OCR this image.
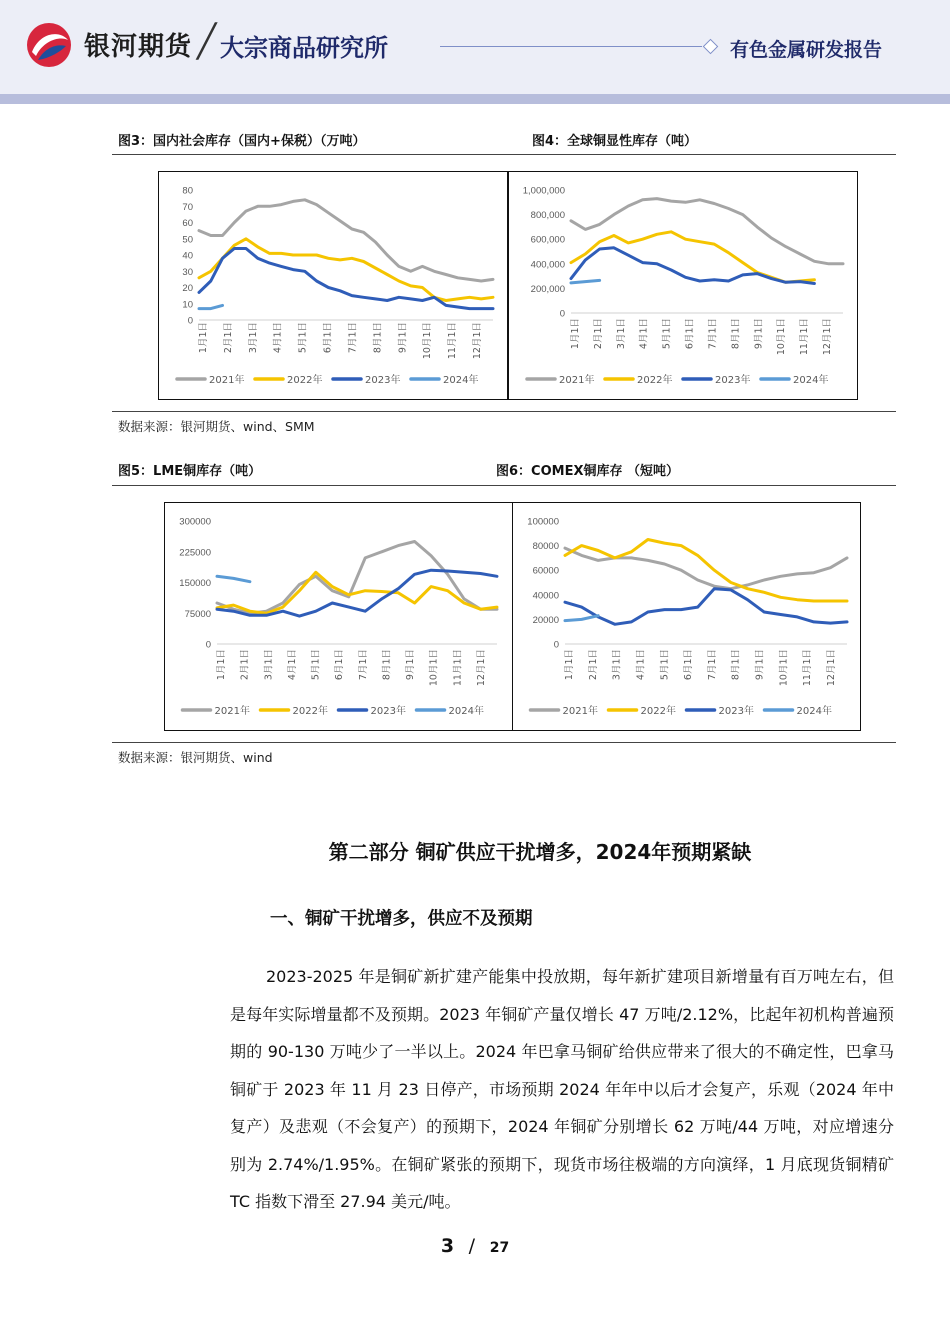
银河期货 ╱ 大宗商品研究所	有色金属研发报告
图3：国内社会库存（国内+保税）（万吨）	图4：全球铜显性库存（吨）
80
70
60
50
40
30
20
10
0
1月1日 2月1日 3月1日 4月1日 5月1日 6月1日 7月1日 8月1日 9月1日 10月1日 11月1日 12月1日
2021年	2022年	2023年	2024年
1,000,000
800,000
600,000
400,000
200,000
0
1月1日 2月1日 3月1日 4月1日 5月1日 6月1日 7月1日 8月1日 9月1日 10月1日 11月1日 12月1日
2021年	2022年	2023年	2024年
数据来源：银河期货、wind、SMM
图5：LME铜库存（吨）	图6：COMEX铜库存 （短吨）
300000
225000
150000
75000
0
1月1日 2月1日 3月1日 4月1日 5月1日 6月1日 7月1日 8月1日 9月1日 10月1日 11月1日 12月1日
2021年	2022年	2023年	2024年
100000
80000
60000
40000
20000
0
1月1日 2月1日 3月1日 4月1日 5月1日 6月1日 7月1日 8月1日 9月1日 10月1日 11月1日 12月1日
2021年	2022年	2023年	2024年
数据来源：银河期货、wind
第二部分 铜矿供应干扰增多，2024年预期紧缺
一、铜矿干扰增多，供应不及预期
2023-2025 年是铜矿新扩建产能集中投放期，每年新扩建项目新增量有百万吨左右，但是每年实际增量都不及预期。2023 年铜矿产量仅增长 47 万吨/2.12%，比起年初机构普遍预期的 90-130 万吨少了一半以上。2024 年巴拿马铜矿给供应带来了很大的不确定性，巴拿马铜矿于 2023 年 11 月 23 日停产，市场预期 2024 年年中以后才会复产，乐观（2024 年中复产）及悲观（不会复产）的预期下，2024 年铜矿分别增长 62 万吨/44 万吨，对应增速分别为 2.74%/1.95%。在铜矿紧张的预期下，现货市场往极端的方向演绎，1 月底现货铜精矿 TC 指数下滑至 27.94 美元/吨。
3 / 27
